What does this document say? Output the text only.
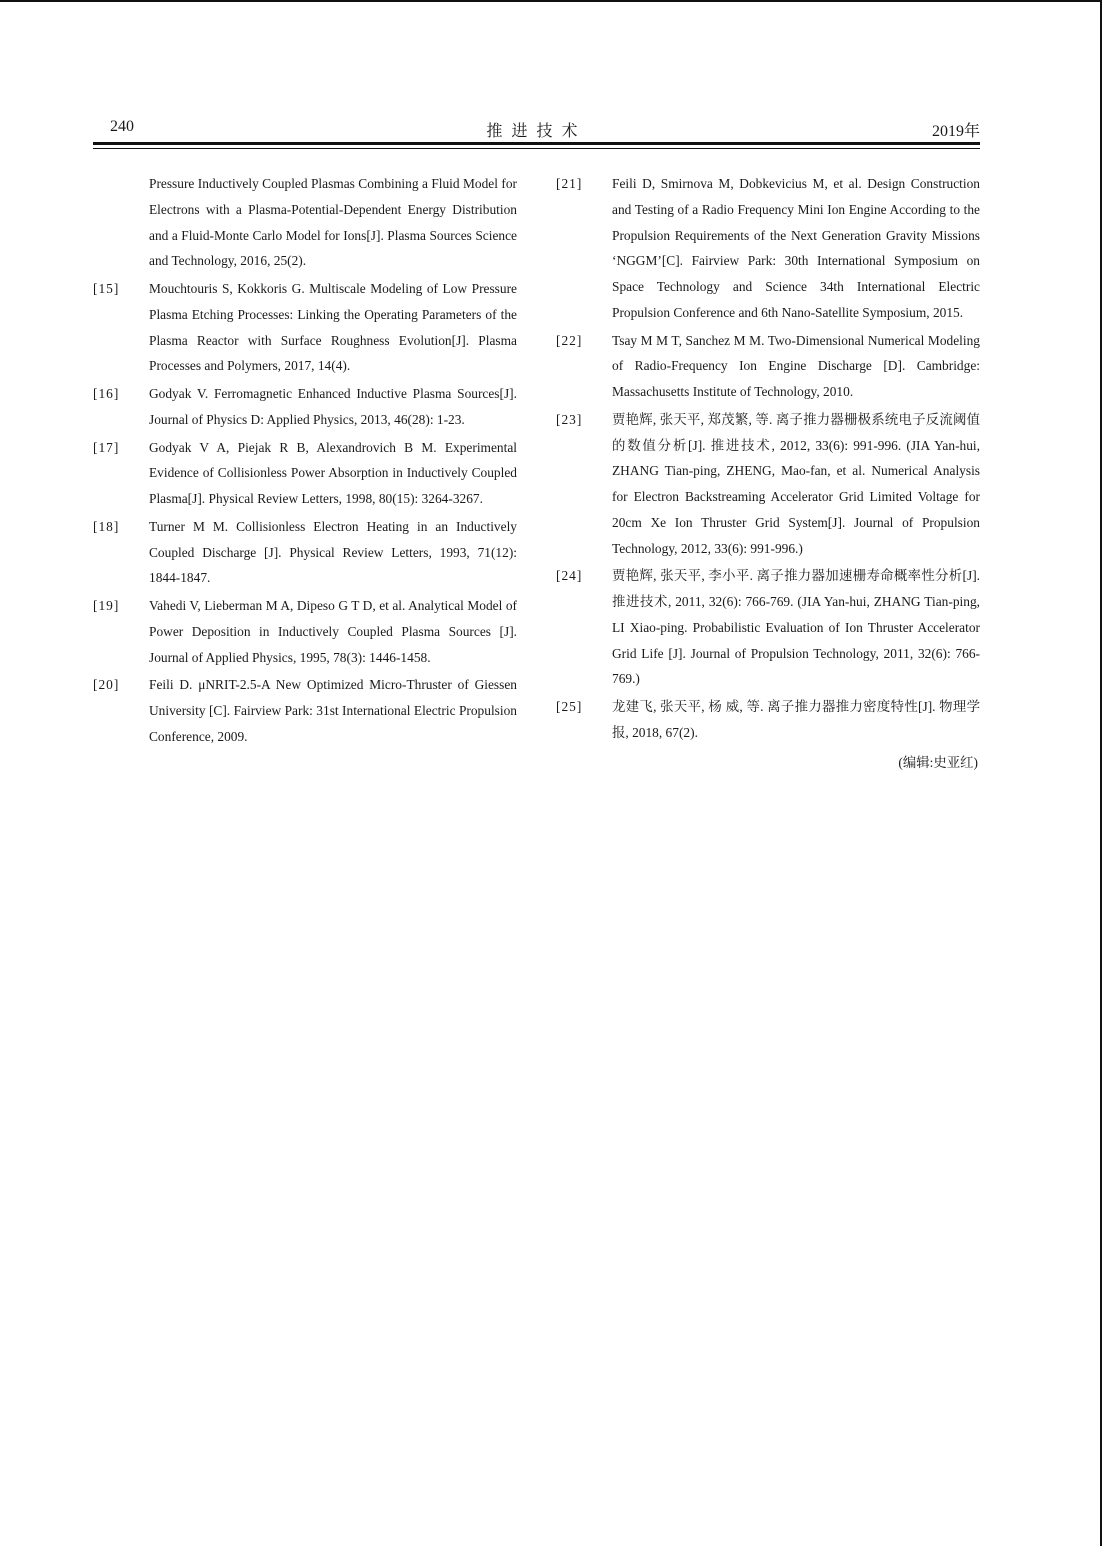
240	推进技术	2019年
Pressure Inductively Coupled Plasmas Combining a Fluid Model for Electrons with a Plasma-Potential-Dependent Energy Distribution and a Fluid-Monte Carlo Model for Ions[J]. Plasma Sources Science and Technology, 2016, 25(2).
[15]	Mouchtouris S, Kokkoris G. Multiscale Modeling of Low Pressure Plasma Etching Processes: Linking the Operating Parameters of the Plasma Reactor with Surface Roughness Evolution[J]. Plasma Processes and Polymers, 2017, 14(4).
[16]	Godyak V. Ferromagnetic Enhanced Inductive Plasma Sources[J]. Journal of Physics D: Applied Physics, 2013, 46(28): 1-23.
[17]	Godyak V A, Piejak R B, Alexandrovich B M. Experimental Evidence of Collisionless Power Absorption in Inductively Coupled Plasma[J]. Physical Review Letters, 1998, 80(15): 3264-3267.
[18]	Turner M M. Collisionless Electron Heating in an Inductively Coupled Discharge [J]. Physical Review Letters, 1993, 71(12): 1844-1847.
[19]	Vahedi V, Lieberman M A, Dipeso G T D, et al. Analytical Model of Power Deposition in Inductively Coupled Plasma Sources [J]. Journal of Applied Physics, 1995, 78(3): 1446-1458.
[20]	Feili D. μNRIT-2.5-A New Optimized Micro-Thruster of Giessen University [C]. Fairview Park: 31st International Electric Propulsion Conference, 2009.
[21]	Feili D, Smirnova M, Dobkevicius M, et al. Design Construction and Testing of a Radio Frequency Mini Ion Engine According to the Propulsion Requirements of the Next Generation Gravity Missions ‘NGGM’[C]. Fairview Park: 30th International Symposium on Space Technology and Science 34th International Electric Propulsion Conference and 6th Nano-Satellite Symposium, 2015.
[22]	Tsay M M T, Sanchez M M. Two-Dimensional Numerical Modeling of Radio-Frequency Ion Engine Discharge [D]. Cambridge: Massachusetts Institute of Technology, 2010.
[23]	贾艳辉, 张天平, 郑茂繁, 等. 离子推力器栅极系统电子反流阈值的数值分析[J]. 推进技术, 2012, 33(6): 991-996. (JIA Yan-hui, ZHANG Tian-ping, ZHENG, Mao-fan, et al. Numerical Analysis for Electron Backstreaming Accelerator Grid Limited Voltage for 20cm Xe Ion Thruster Grid System[J]. Journal of Propulsion Technology, 2012, 33(6): 991-996.)
[24]	贾艳辉, 张天平, 李小平. 离子推力器加速栅寿命概率性分析[J]. 推进技术, 2011, 32(6): 766-769. (JIA Yan-hui, ZHANG Tian-ping, LI Xiao-ping. Probabilistic Evaluation of Ion Thruster Accelerator Grid Life [J]. Journal of Propulsion Technology, 2011, 32(6): 766-769.)
[25]	龙建飞, 张天平, 杨 威, 等. 离子推力器推力密度特性[J]. 物理学报, 2018, 67(2).
(编辑:史亚红)
